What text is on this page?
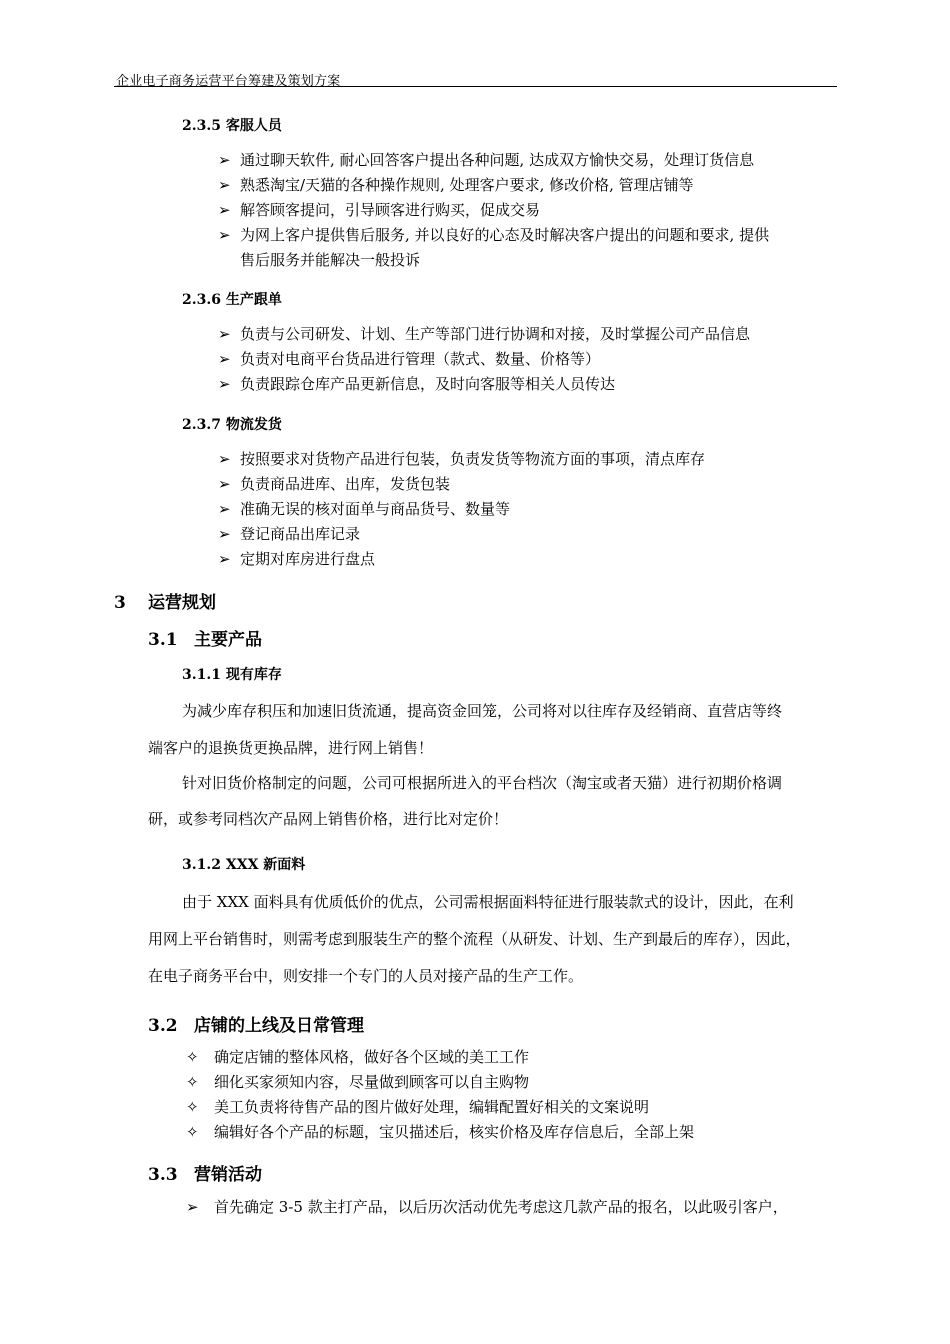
企业电子商务运营平台筹建及策划方案
2.3.5 客服人员
➢ 通过聊天软件, 耐心回答客户提出各种问题, 达成双方愉快交易，处理订货信息
➢ 熟悉淘宝/天猫的各种操作规则, 处理客户要求, 修改价格, 管理店铺等
➢ 解答顾客提问，引导顾客进行购买，促成交易
➢ 为网上客户提供售后服务, 并以良好的心态及时解决客户提出的问题和要求, 提供
售后服务并能解决一般投诉
2.3.6 生产跟单
➢ 负责与公司研发、计划、生产等部门进行协调和对接，及时掌握公司产品信息
➢ 负责对电商平台货品进行管理（款式、数量、价格等）
➢ 负责跟踪仓库产品更新信息，及时向客服等相关人员传达
2.3.7 物流发货
➢ 按照要求对货物产品进行包装，负责发货等物流方面的事项，清点库存
➢ 负责商品进库、出库，发货包装
➢ 准确无误的核对面单与商品货号、数量等
➢ 登记商品出库记录
➢ 定期对库房进行盘点
3 运营规划
3.1 主要产品
3.1.1 现有库存
为减少库存积压和加速旧货流通，提高资金回笼，公司将对以往库存及经销商、直营店等终
端客户的退换货更换品牌，进行网上销售！
针对旧货价格制定的问题，公司可根据所进入的平台档次（淘宝或者天猫）进行初期价格调
研，或参考同档次产品网上销售价格，进行比对定价！
3.1.2 XXX 新面料
由于 XXX 面料具有优质低价的优点，公司需根据面料特征进行服装款式的设计，因此，在利
用网上平台销售时，则需考虑到服装生产的整个流程（从研发、计划、生产到最后的库存），因此，
在电子商务平台中，则安排一个专门的人员对接产品的生产工作。
3.2 店铺的上线及日常管理
✧ 确定店铺的整体风格，做好各个区域的美工工作
✧ 细化买家须知内容，尽量做到顾客可以自主购物
✧ 美工负责将待售产品的图片做好处理，编辑配置好相关的文案说明
✧ 编辑好各个产品的标题，宝贝描述后，核实价格及库存信息后，全部上架
3.3 营销活动
➢ 首先确定 3-5 款主打产品，以后历次活动优先考虑这几款产品的报名，以此吸引客户，
